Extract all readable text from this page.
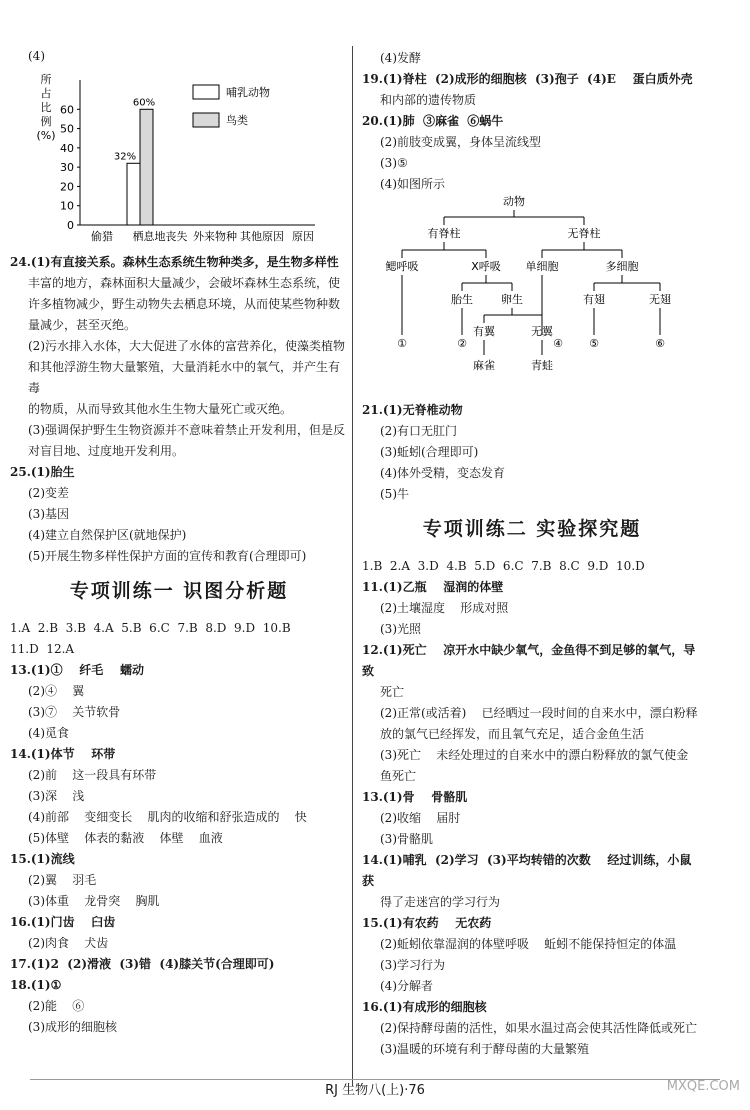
(4)

所
占
比
例
(%)
0
10
20
30
40
50
60
32%
60%
哺乳动物
鸟类
偷猎 栖息地丧失 外来物种 其他原因 原因

24.(1)有直接关系。森林生态系统生物种类多，是生物多样性

丰富的地方，森林面积大量减少，会破坏森林生态系统，使

许多植物减少，野生动物失去栖息环境，从而使某些物种数

量减少，甚至灭绝。

(2)污水排入水体，大大促进了水体的富营养化，使藻类植物

和其他浮游生物大量繁殖，大量消耗水中的氧气，并产生有毒

的物质，从而导致其他水生生物大量死亡或灭绝。

(3)强调保护野生生物资源并不意味着禁止开发利用，但是反

对盲目地、过度地开发利用。

25.(1)胎生

(2)变差

(3)基因

(4)建立自然保护区(就地保护)

(5)开展生物多样性保护方面的宣传和教育(合理即可)

专项训练一 识图分析题

1.A  2.B  3.B  4.A  5.B  6.C  7.B  8.D  9.D  10.B

11.D  12.A

13.(1)①    纤毛    蠕动

(2)④    翼

(3)⑦    关节软骨

(4)觅食

14.(1)体节    环带

(2)前    这一段具有环带

(3)深    浅

(4)前部    变细变长    肌肉的收缩和舒张造成的    快

(5)体壁    体表的黏液    体壁    血液

15.(1)流线

(2)翼    羽毛

(3)体重    龙骨突    胸肌

16.(1)门齿    臼齿

(2)肉食    犬齿

17.(1)2  (2)滑液  (3)错  (4)膝关节(合理即可)

18.(1)①

(2)能    ⑥

(3)成形的细胞核

(4)发酵

19.(1)脊柱  (2)成形的细胞核  (3)孢子  (4)E    蛋白质外壳

和内部的遗传物质

20.(1)肺  ③麻雀  ⑥蜗牛

(2)前肢变成翼，身体呈流线型

(3)⑤

(4)如图所示

动物
有脊柱	无脊柱
鳃呼吸	X呼吸 单细胞	多细胞
胎生	卵生
有翼	无翼
麻雀	青蛙
有翅	无翅
①	②	④ ⑤	⑥

21.(1)无脊椎动物

(2)有口无肛门

(3)蚯蚓(合理即可)

(4)体外受精，变态发育

(5)牛

专项训练二 实验探究题

1.B  2.A  3.D  4.B  5.D  6.C  7.B  8.C  9.D  10.D

11.(1)乙瓶    湿润的体壁

(2)土壤湿度    形成对照

(3)光照

12.(1)死亡    凉开水中缺少氧气，金鱼得不到足够的氧气，导致

死亡

(2)正常(或活着)    已经晒过一段时间的自来水中，漂白粉释

放的氯气已经挥发，而且氧气充足，适合金鱼生活

(3)死亡    未经处理过的自来水中的漂白粉释放的氯气使金

鱼死亡

13.(1)骨    骨骼肌

(2)收缩    届肘

(3)骨骼肌

14.(1)哺乳  (2)学习  (3)平均转错的次数    经过训练，小鼠获

得了走迷宫的学习行为

15.(1)有农药    无农药

(2)蚯蚓依靠湿润的体壁呼吸    蚯蚓不能保持恒定的体温

(3)学习行为

(4)分解者

16.(1)有成形的细胞核

(2)保持酵母菌的活性，如果水温过高会使其活性降低或死亡

(3)温暖的环境有利于酵母菌的大量繁殖

RJ 生物八(上)·76	MXQE.COM
